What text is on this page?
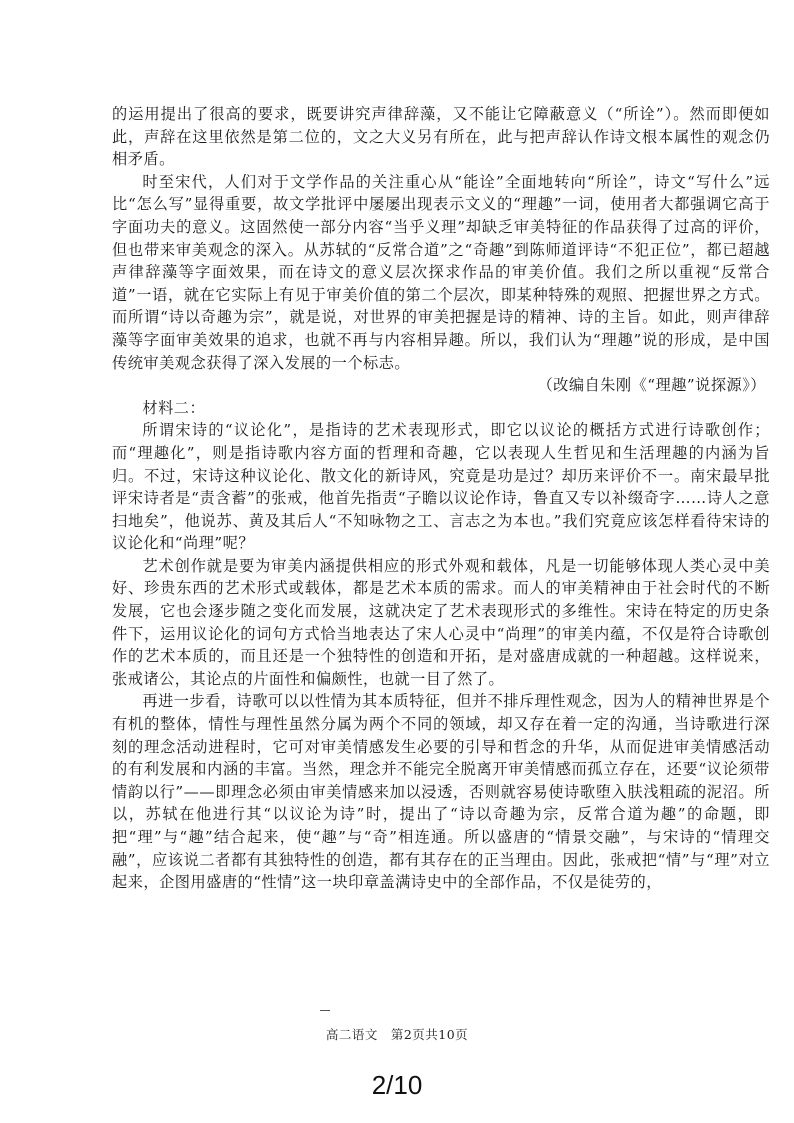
的运用提出了很高的要求，既要讲究声律辞藻，又不能让它障蔽意义（“所诠”）。然而即便如此，声辞在这里依然是第二位的，文之大义另有所在，此与把声辞认作诗文根本属性的观念仍相矛盾。

时至宋代，人们对于文学作品的关注重心从“能诠”全面地转向“所诠”，诗文“写什么”远比“怎么写”显得重要，故文学批评中屡屡出现表示文义的“理趣”一词，使用者大都强调它高于字面功夫的意义。这固然使一部分内容“当乎义理”却缺乏审美特征的作品获得了过高的评价，但也带来审美观念的深入。从苏轼的“反常合道”之“奇趣”到陈师道评诗“不犯正位”，都已超越声律辞藻等字面效果，而在诗文的意义层次探求作品的审美价值。我们之所以重视“反常合道”一语，就在它实际上有见于审美价值的第二个层次，即某种特殊的观照、把握世界之方式。而所谓“诗以奇趣为宗”，就是说，对世界的审美把握是诗的精神、诗的主旨。如此，则声律辞藻等字面审美效果的追求，也就不再与内容相异趣。所以，我们认为“理趣”说的形成，是中国传统审美观念获得了深入发展的一个标志。

（改编自朱刚《“理趣”说探源》）

材料二：

所谓宋诗的“议论化”，是指诗的艺术表现形式，即它以议论的概括方式进行诗歌创作；而“理趣化”，则是指诗歌内容方面的哲理和奇趣，它以表现人生哲见和生活理趣的内涵为旨归。不过，宋诗这种议论化、散文化的新诗风，究竟是功是过？却历来评价不一。南宋最早批评宋诗者是“责含蓄”的张戒，他首先指责“子瞻以议论作诗，鲁直又专以补缀奇字……诗人之意扫地矣”，他说苏、黄及其后人“不知咏物之工、言志之为本也。”我们究竟应该怎样看待宋诗的议论化和“尚理”呢？

艺术创作就是要为审美内涵提供相应的形式外观和载体，凡是一切能够体现人类心灵中美好、珍贵东西的艺术形式或载体，都是艺术本质的需求。而人的审美精神由于社会时代的不断发展，它也会逐步随之变化而发展，这就决定了艺术表现形式的多维性。宋诗在特定的历史条件下，运用议论化的词句方式恰当地表达了宋人心灵中“尚理”的审美内蕴，不仅是符合诗歌创作的艺术本质的，而且还是一个独特性的创造和开拓，是对盛唐成就的一种超越。这样说来，张戒诸公，其论点的片面性和偏颇性，也就一目了然了。

再进一步看，诗歌可以以性情为其本质特征，但并不排斥理性观念，因为人的精神世界是个有机的整体，情性与理性虽然分属为两个不同的领域，却又存在着一定的沟通，当诗歌进行深刻的理念活动进程时，它可对审美情感发生必要的引导和哲念的升华，从而促进审美情感活动的有利发展和内涵的丰富。当然，理念并不能完全脱离开审美情感而孤立存在，还要“议论须带情韵以行”——即理念必须由审美情感来加以浸透，否则就容易使诗歌堕入肤浅粗疏的泥沼。所以，苏轼在他进行其“以议论为诗”时，提出了“诗以奇趣为宗，反常合道为趣”的命题，即把“理”与“趣”结合起来，使“趣”与“奇”相连通。所以盛唐的“情景交融”，与宋诗的“情理交融”，应该说二者都有其独特性的创造，都有其存在的正当理由。因此，张戒把“情”与“理”对立起来，企图用盛唐的“性情”这一块印章盖满诗史中的全部作品，不仅是徒劳的，

高二语文　第2页共10页
2/10
